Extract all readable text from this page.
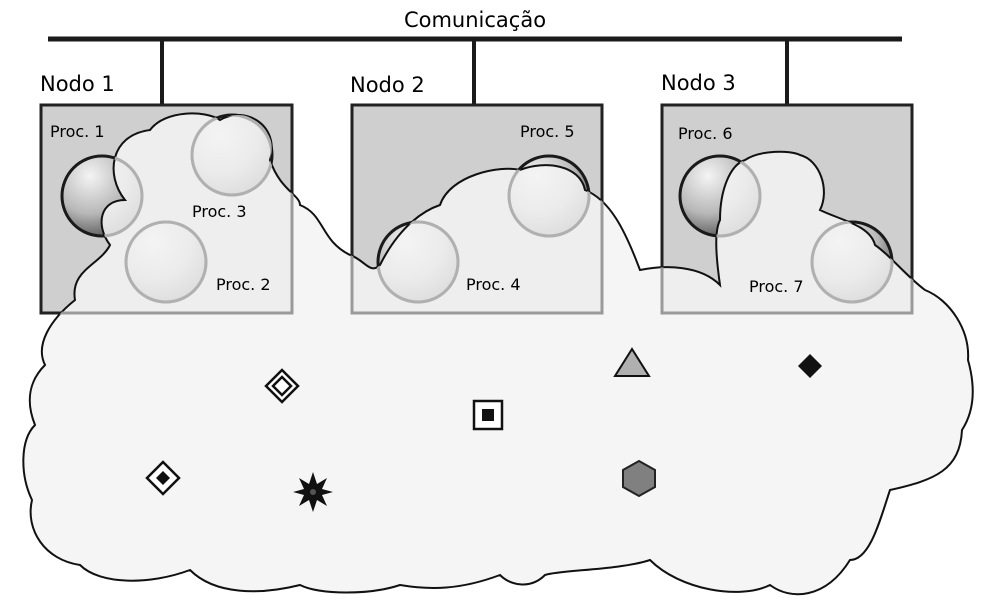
Comunicação
Nodo 1	Nodo 2	Nodo 3
Proc. 1
Proc. 3
Proc. 2
Proc. 5
Proc. 4
Proc. 6
Proc. 7
